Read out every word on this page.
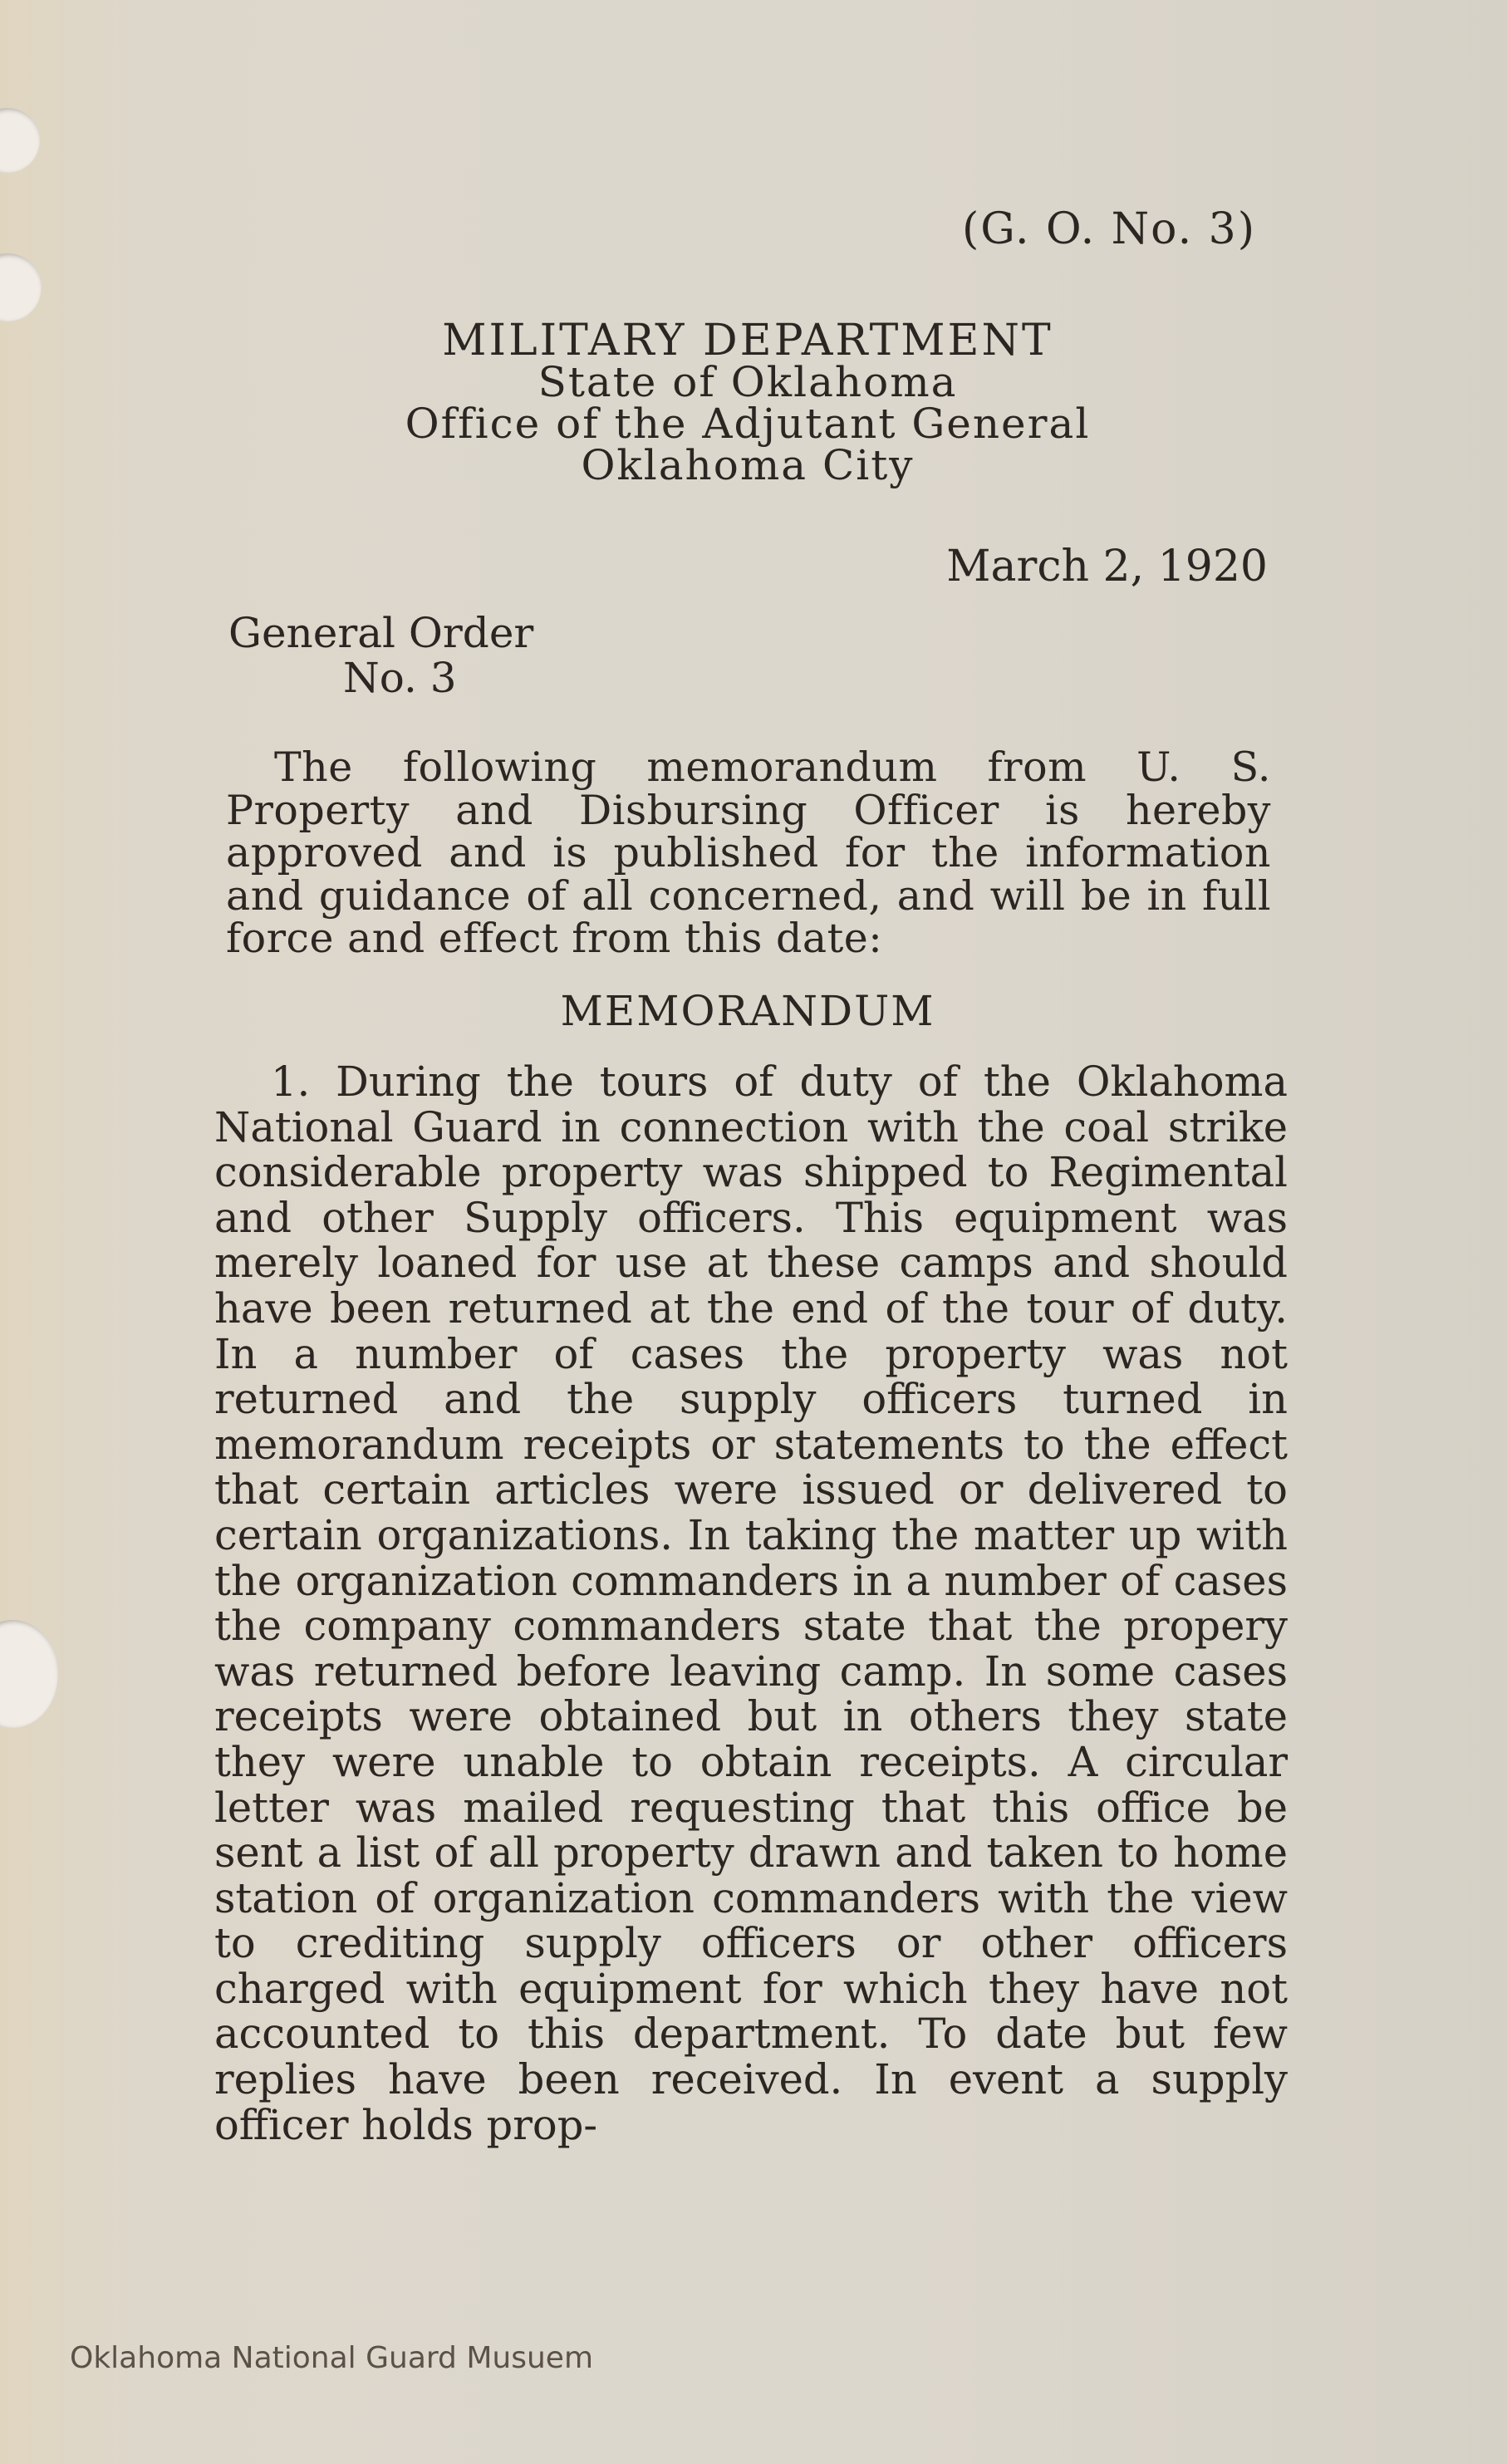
(G. O. No. 3)
MILITARY DEPARTMENT
State of Oklahoma
Office of the Adjutant General
Oklahoma City
March 2, 1920
General Order
No. 3

The following memorandum from U. S. Property and Disbursing Officer is hereby approved and is published for the information and guidance of all concerned, and will be in full force and effect from this date:

MEMORANDUM

1. During the tours of duty of the Oklahoma National Guard in connection with the coal strike considerable property was shipped to Regimental and other Supply officers. This equipment was merely loaned for use at these camps and should have been returned at the end of the tour of duty. In a number of cases the property was not returned and the supply officers turned in memorandum receipts or statements to the effect that certain articles were issued or delivered to certain organizations. In taking the matter up with the organization commanders in a number of cases the company commanders state that the propery was returned before leaving camp. In some cases receipts were obtained but in others they state they were unable to obtain receipts. A circular letter was mailed requesting that this office be sent a list of all property drawn and taken to home station of organization commanders with the view to crediting supply officers or other officers charged with equipment for which they have not accounted to this department. To date but few replies have been received. In event a supply officer holds prop-

Oklahoma National Guard Musuem
